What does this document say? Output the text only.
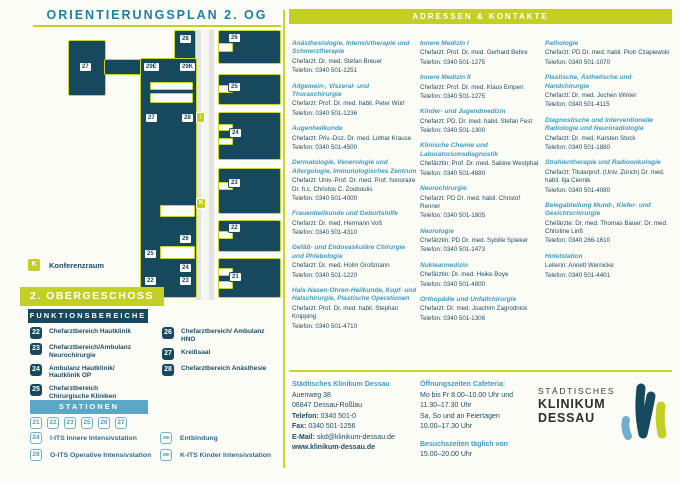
ORIENTIERUNGSPLAN 2. OG
28
29E	29K
27
27	28
26
25
24
23
22
26
25
24
23
22
21
↕
K
K	Konferenzraum
2. OBERGESCHOSS
FUNKTIONSBEREICHE
22	Chefarztbereich Hautklinik
23	Chefarztbereich/Ambulanz Neurochirurgie
24	Ambulanz Hautklinik/ Hautklinik OP
25	Chefarztbereich Chirurgische Kliniken
26	Chefarztbereich/ Ambulanz HNO
27	Kreißsaal
28	Chefarztbereich Anästhesie
STATIONEN
21	22	23	25	26	27
24	I-ITS Innere Intensivstation
28	O-ITS Operative Intensivstation
29E	Entbindung
29K	K-ITS Kinder Intensivstation
ADRESSEN & KONTAKTE
Anästhesiologie, Intensivtherapie und Schmerztherapie
Chefarzt: Dr. med. Stefan Breuer
Telefon: 0340 501-1251
Allgemein-, Viszeral- und Thoraxchirurgie
Chefarzt: Prof. Dr. med. habil. Peter Würl
Telefon: 0340 501-1236
Augenheilkunde
Chefarzt: Priv.-Doz. Dr. med. Lothar Krause
Telefon: 0340 501-4500
Dermatologie, Venerologie und Allergologie, Immunologisches Zentrum
Chefarzt: Univ.-Prof. Dr. med. Prof. honoraire Dr. h.c. Christos C. Zouboulis
Telefon: 0340 501-4000
Frauenheilkunde und Geburtshilfe
Chefarzt: Dr. med. Hermann Voß
Telefon: 0340 501-4310
Gefäß- und Endovaskuläre Chirurgie und Phlebologie
Chefarzt: Dr. med. Holm Großmann
Telefon: 0340 501-1220
Hals-Nasen-Ohren-Heilkunde, Kopf- und Halschirurgie, Plastische Operationen
Chefarzt: Prof. Dr. med. habil. Stephan Knipping
Telefon: 0340 501-4710
Innere Medizin I
Chefarzt: Prof. Dr. med. Gerhard Behre
Telefon: 0340 501-1275
Innere Medizin II
Chefarzt: Prof. Dr. med. Klaus Empen
Telefon: 0340 501-1275
Kinder- und Jugendmedizin
Chefarzt: PD. Dr. med. habil. Stefan Fest
Telefon: 0340 501-1300
Klinische Chemie und Laboratoriumsdiagnostik
Chefärztin: Prof. Dr. med. Sabine Westphal
Telefon: 0340 501-4880
Neurochirurgie
Chefarzt: PD Dr. med. habil. Christof Renner
Telefon: 0340 501-1805
Neurologie
Chefärztin: PD Dr. med. Sybille Spieker
Telefon: 0340 501-1473
Nuklearmedizin
Chefärztin: Dr. med. Heike Boye
Telefon: 0340 501-4800
Orthopädie und Unfallchirurgie
Chefarzt: Dr. med. Joachim Zagrodnick
Telefon: 0340 501-1306
Pathologie
Chefarzt: PD Dr. med. habil. Piotr Czapiewski
Telefon: 0340 501-1070
Plastische, Ästhetische und Handchirurgie
Chefarzt: Dr. med. Jochen Winter
Telefon: 0340 501-4115
Diagnostische und Interventionelle Radiologie und Neuroradiologie
Chefarzt: Dr. med. Karsten Stock
Telefon: 0340 501-1880
Strahlentherapie und Radioonkologie
Chefarzt: Titularprof. (Univ. Zürich) Dr. med. habil. Ilja Ciernik
Telefon: 0340 501-4080
Belegabteilung Mund-, Kiefer- und Gesichtschirurgie
Chefärzte: Dr. med. Thomas Bauer; Dr. med. Christine Linß
Telefon: 0340 266-1610
Hotelstation
Leiterin: Annett Wernicke
Telefon: 0340 501-4401
Städtisches Klinikum Dessau
Auenweg 38
06847 Dessau-Roßlau
Telefon: 0340 501-0
Fax: 0340 501-1256
E-Mail: skd@klinikum-dessau.de
www.klinikum-dessau.de
Öffnungszeiten Cafeteria:
Mo bis Fr 8.00–10.00 Uhr und
11.30–17.30 Uhr
Sa, So und an Feiertagen
10.00–17.30 Uhr
Besuchszeiten täglich von
15.00–20.00 Uhr
STÄDTISCHES
KLINIKUM
DESSAU
